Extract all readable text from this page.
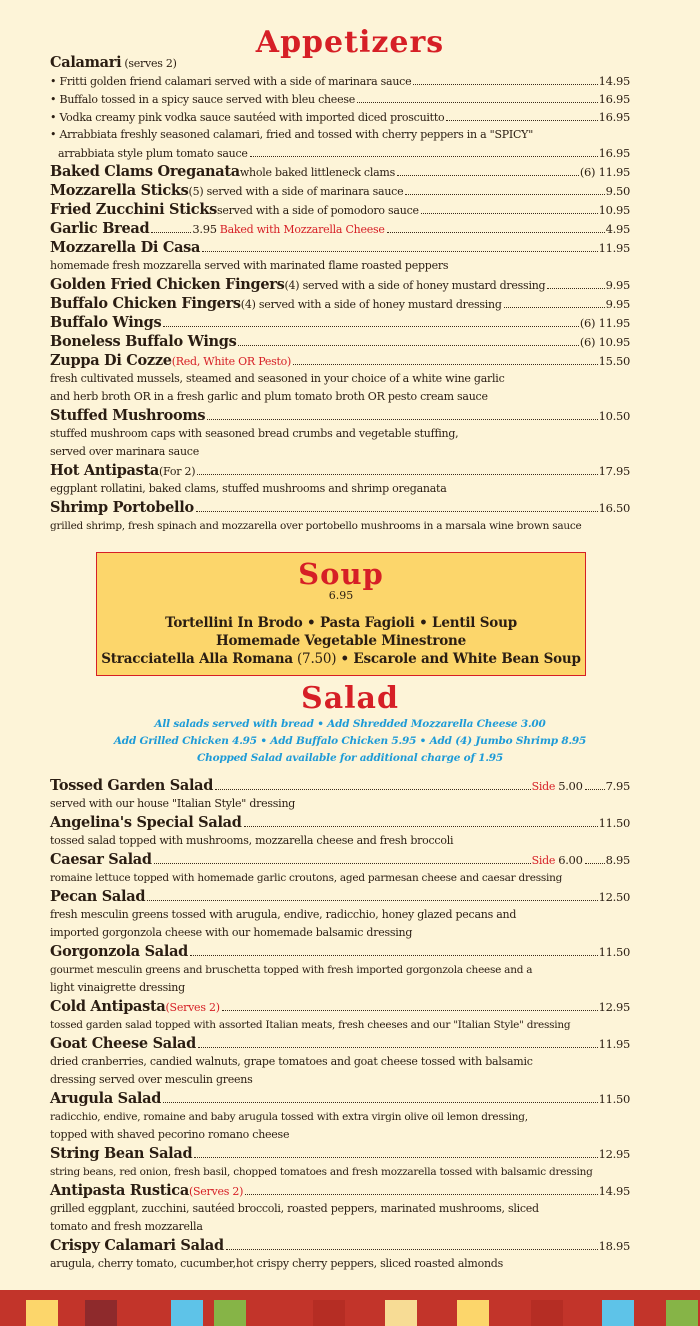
Appetizers
Calamari (serves 2)
• Fritti golden friend calamari served with a side of marinara sauce	14.95
• Buffalo tossed in a spicy sauce served with bleu cheese	16.95
• Vodka creamy pink vodka sauce sautéed with imported diced proscuitto	16.95
• Arrabbiata freshly seasoned calamari, fried and tossed with cherry peppers in a "SPICY"
arrabbiata style plum tomato sauce	16.95
Baked Clams Oreganata whole baked littleneck clams	(6) 11.95
Mozzarella Sticks (5) served with a side of marinara sauce	9.50
Fried Zucchini Sticks served with a side of pomodoro sauce	10.95
Garlic Bread	3.95 Baked with Mozzarella Cheese	4.95
Mozzarella Di Casa	11.95
homemade fresh mozzarella served with marinated flame roasted peppers
Golden Fried Chicken Fingers (4) served with a side of honey mustard dressing	9.95
Buffalo Chicken Fingers (4) served with a side of honey mustard dressing	9.95
Buffalo Wings	(6) 11.95
Boneless Buffalo Wings	(6) 10.95
Zuppa Di Cozze (Red, White OR Pesto)	15.50
fresh cultivated mussels, steamed and seasoned in your choice of a white wine garlic
and herb broth OR in a fresh garlic and plum tomato broth OR pesto cream sauce
Stuffed Mushrooms	10.50
stuffed mushroom caps with seasoned bread crumbs and vegetable stuffing,
served over marinara sauce
Hot Antipasta (For 2)	17.95
eggplant rollatini, baked clams, stuffed mushrooms and shrimp oreganata
Shrimp Portobello	16.50
grilled shrimp, fresh spinach and mozzarella over portobello mushrooms in a marsala wine brown sauce
Soup
6.95
Tortellini In Brodo • Pasta Fagioli • Lentil Soup
Homemade Vegetable Minestrone
Stracciatella Alla Romana (7.50) • Escarole and White Bean Soup
Salad
All salads served with bread • Add Shredded Mozzarella Cheese 3.00
Add Grilled Chicken 4.95 • Add Buffalo Chicken 5.95 • Add (4) Jumbo Shrimp 8.95
Chopped Salad available for additional charge of 1.95
Tossed Garden Salad	Side 5.00 7.95
served with our house "Italian Style" dressing
Angelina's Special Salad	11.50
tossed salad topped with mushrooms, mozzarella cheese and fresh broccoli
Caesar Salad	Side 6.00 8.95
romaine lettuce topped with homemade garlic croutons, aged parmesan cheese and caesar dressing
Pecan Salad	12.50
fresh mesculin greens tossed with arugula, endive, radicchio, honey glazed pecans and
imported gorgonzola cheese with our homemade balsamic dressing
Gorgonzola Salad	11.50
gourmet mesculin greens and bruschetta topped with fresh imported gorgonzola cheese and a
light vinaigrette dressing
Cold Antipasta (Serves 2)	12.95
tossed garden salad topped with assorted Italian meats, fresh cheeses and our "Italian Style" dressing
Goat Cheese Salad	11.95
dried cranberries, candied walnuts, grape tomatoes and goat cheese tossed with balsamic
dressing served over mesculin greens
Arugula Salad	11.50
radicchio, endive, romaine and baby arugula tossed with extra virgin olive oil lemon dressing,
topped with shaved pecorino romano cheese
String Bean Salad	12.95
string beans, red onion, fresh basil, chopped tomatoes and fresh mozzarella tossed with balsamic dressing
Antipasta Rustica (Serves 2)	14.95
grilled eggplant, zucchini, sautéed broccoli, roasted peppers, marinated mushrooms, sliced
tomato and fresh mozzarella
Crispy Calamari Salad	18.95
arugula, cherry tomato, cucumber,hot crispy cherry peppers, sliced roasted almonds
